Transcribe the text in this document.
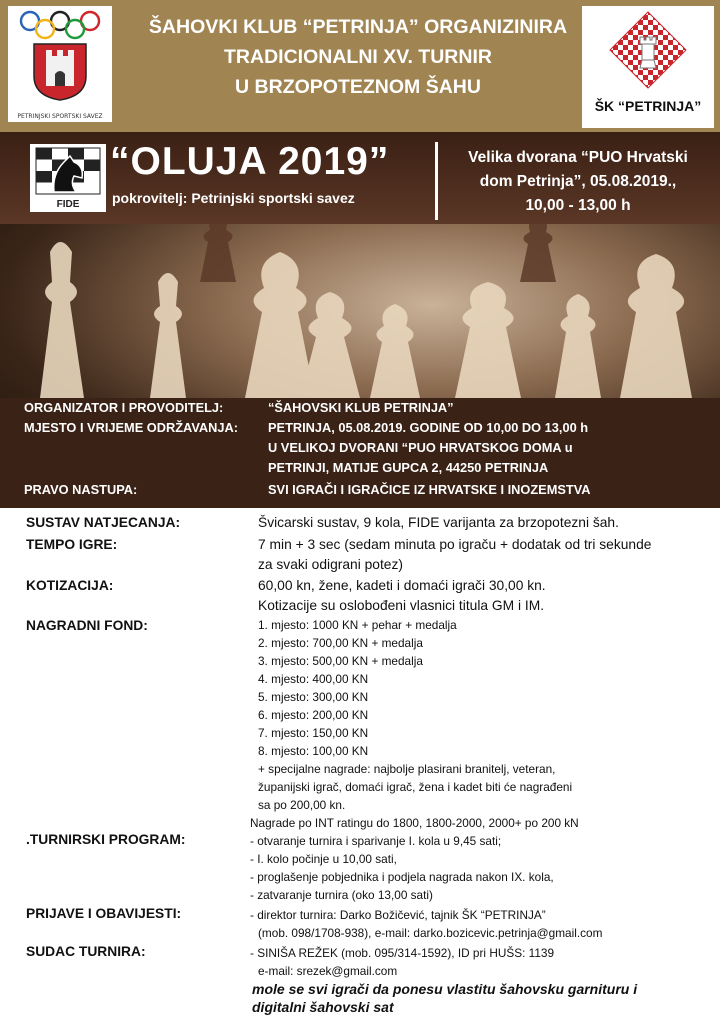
PETRINJSKI SPORTSKI SAVEZ
ŠAHOVKI KLUB “PETRINJA” ORGANIZINIRA
TRADICIONALNI XV. TURNIR
U BRZOPOTEZNOM ŠAHU
ŠK “PETRINJA”
FIDE
“OLUJA 2019”
pokrovitelj: Petrinjski sportski savez
Velika dvorana “PUO Hrvatski
dom Petrinja”, 05.08.2019.,
10,00 - 13,00 h
ORGANIZATOR I PROVODITELJ:	“ŠAHOVSKI KLUB PETRINJA”
MJESTO I VRIJEME ODRŽAVANJA: PETRINJA, 05.08.2019. GODINE OD 10,00 DO 13,00 h
U VELIKOJ DVORANI “PUO HRVATSKOG DOMA u
PETRINJI, MATIJE GUPCA 2, 44250 PETRINJA
PRAVO NASTUPA:	SVI IGRAČI I IGRAČICE IZ HRVATSKE I INOZEMSTVA
SUSTAV NATJECANJA:	Švicarski sustav, 9 kola, FIDE varijanta za brzopotezni šah.
TEMPO IGRE:	7 min + 3 sec (sedam minuta po igraču + dodatak od tri sekunde
za svaki odigrani potez)
KOTIZACIJA:	60,00 kn, žene, kadeti i domaći igrači 30,00 kn.
Kotizacije su oslobođeni vlasnici titula GM i IM.
NAGRADNI FOND:	1. mjesto: 1000 KN + pehar + medalja
2. mjesto: 700,00 KN + medalja
3. mjesto: 500,00 KN + medalja
4. mjesto: 400,00 KN
5. mjesto: 300,00 KN
6. mjesto: 200,00 KN
7. mjesto: 150,00 KN
8. mjesto: 100,00 KN
+ specijalne nagrade: najbolje plasirani branitelj, veteran,
županijski igrač, domaći igrač, žena i kadet biti će nagrađeni
sa po 200,00 kn.
Nagrade po INT ratingu do 1800, 1800-2000, 2000+ po 200 kN
.TURNIRSKI PROGRAM:	- otvaranje turnira i sparivanje I. kola u 9,45 sati;
- I. kolo počinje u 10,00 sati,
- proglašenje pobjednika i podjela nagrada nakon IX. kola,
- zatvaranje turnira (oko 13,00 sati)
PRIJAVE I OBAVIJESTI:	- direktor turnira: Darko Božičević, tajnik ŠK “PETRINJA”
(mob. 098/1708-938), e-mail: darko.bozicevic.petrinja@gmail.com
SUDAC TURNIRA:	- SINIŠA REŽEK (mob. 095/314-1592), ID pri HUŠS: 1139
e-mail: srezek@gmail.com
mole se svi igrači da ponesu vlastitu šahovsku garnituru i
digitalni šahovski sat
